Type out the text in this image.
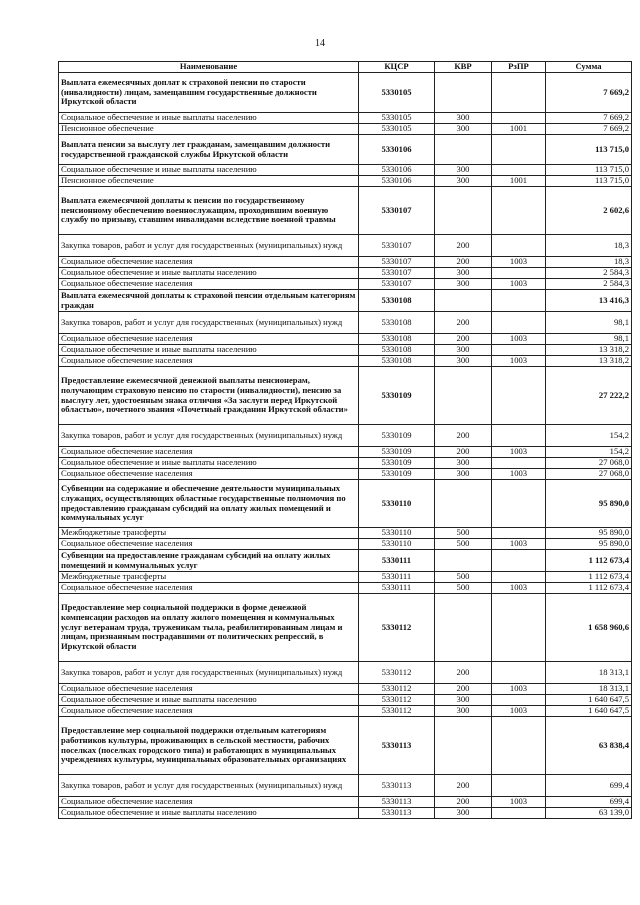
14
Наименование	КЦСР	КВР	РзПР	Сумма
Выплата ежемесячных доплат к страховой пенсии по старости (инвалидности) лицам, замещавшим государственные должности Иркутской области	5330105			7 669,2
Социальное обеспечение и иные выплаты населению	5330105	300		7 669,2
Пенсионное обеспечение	5330105	300	1001	7 669,2
Выплата пенсии за выслугу лет гражданам, замещавшим должности государственной гражданской службы Иркутской области	5330106			113 715,0
Социальное обеспечение и иные выплаты населению	5330106	300		113 715,0
Пенсионное обеспечение	5330106	300	1001	113 715,0
Выплата ежемесячной доплаты к пенсии по государственному пенсионному обеспечению военнослужащим, проходившим военную службу по призыву, ставшим инвалидами вследствие военной травмы	5330107			2 602,6
Закупка товаров, работ и услуг для государственных (муниципальных) нужд	5330107	200		18,3
Социальное обеспечение населения	5330107	200	1003	18,3
Социальное обеспечение и иные выплаты населению	5330107	300		2 584,3
Социальное обеспечение населения	5330107	300	1003	2 584,3
Выплата ежемесячной доплаты к страховой пенсии отдельным категориям граждан	5330108			13 416,3
Закупка товаров, работ и услуг для государственных (муниципальных) нужд	5330108	200		98,1
Социальное обеспечение населения	5330108	200	1003	98,1
Социальное обеспечение и иные выплаты населению	5330108	300		13 318,2
Социальное обеспечение населения	5330108	300	1003	13 318,2
Предоставление ежемесячной денежной выплаты пенсионерам, получающим страховую пенсию по старости (инвалидности), пенсию за выслугу лет, удостоенным знака отличия «За заслуги перед Иркутской областью», почетного звания «Почетный гражданин Иркутской области»	5330109			27 222,2
Закупка товаров, работ и услуг для государственных (муниципальных) нужд	5330109	200		154,2
Социальное обеспечение населения	5330109	200	1003	154,2
Социальное обеспечение и иные выплаты населению	5330109	300		27 068,0
Социальное обеспечение населения	5330109	300	1003	27 068,0
Субвенции на содержание и обеспечение деятельности муниципальных служащих, осуществляющих областные государственные полномочия по предоставлению гражданам субсидий на оплату жилых помещений и коммунальных услуг	5330110			95 890,0
Межбюджетные трансферты	5330110	500		95 890,0
Социальное обеспечение населения	5330110	500	1003	95 890,0
Субвенции на предоставление гражданам субсидий на оплату жилых помещений и коммунальных услуг	5330111			1 112 673,4
Межбюджетные трансферты	5330111	500		1 112 673,4
Социальное обеспечение населения	5330111	500	1003	1 112 673,4
Предоставление мер социальной поддержки в форме денежной компенсации расходов на оплату жилого помещения и коммунальных услуг ветеранам труда, труженикам тыла, реабилитированным лицам и лицам, признанным пострадавшими от политических репрессий, в Иркутской области	5330112			1 658 960,6
Закупка товаров, работ и услуг для государственных (муниципальных) нужд	5330112	200		18 313,1
Социальное обеспечение населения	5330112	200	1003	18 313,1
Социальное обеспечение и иные выплаты населению	5330112	300		1 640 647,5
Социальное обеспечение населения	5330112	300	1003	1 640 647,5
Предоставление мер социальной поддержки отдельным категориям работников культуры, проживающих в сельской местности, рабочих поселках (поселках городского типа) и работающих в муниципальных учреждениях культуры, муниципальных образовательных организациях	5330113			63 838,4
Закупка товаров, работ и услуг для государственных (муниципальных) нужд	5330113	200		699,4
Социальное обеспечение населения	5330113	200	1003	699,4
Социальное обеспечение и иные выплаты населению	5330113	300		63 139,0
